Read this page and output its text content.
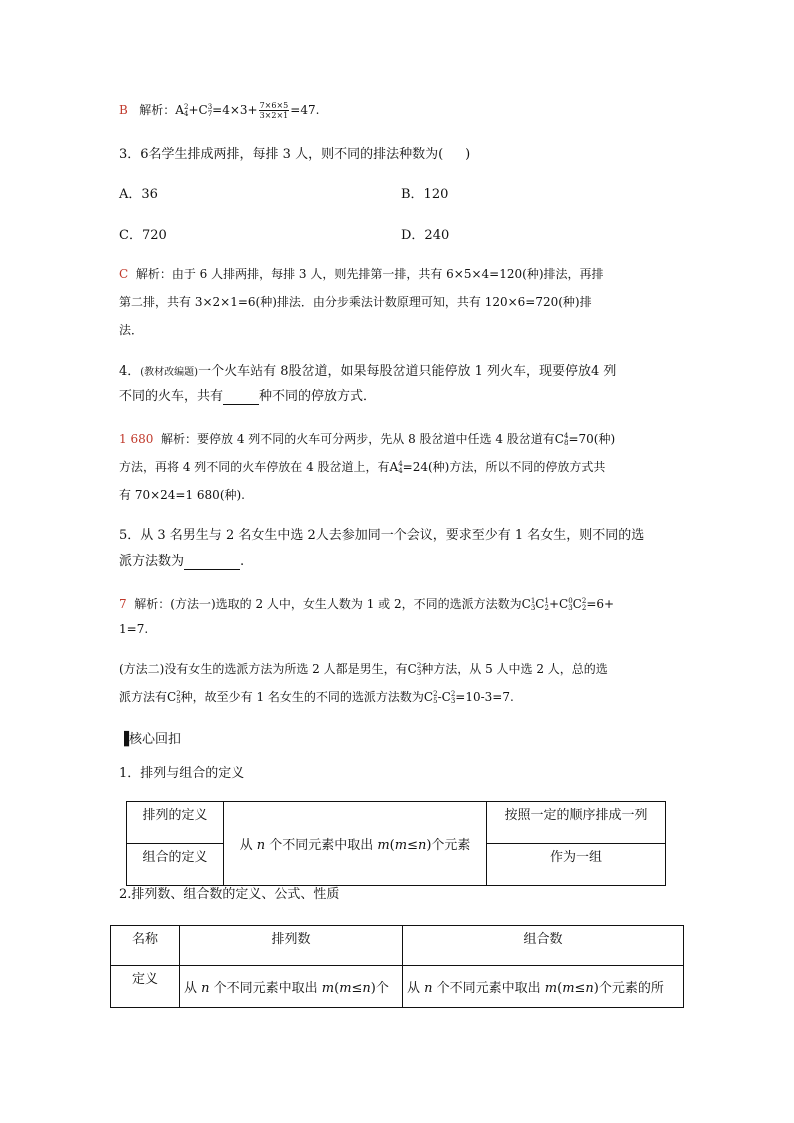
B 解析：A 2
4 +C 3
$7 =4\times 3+ \frac{7\times 6\times 5}{3\times 2\times 1} =47$.
3．6名学生排成两排，每排 3 人，则不同的排法种数为( )
A．36	B．120
C．720	D．240
C 解析：由于 6 人排两排，每排 3 人，则先排第一排，共有 6×5×4=120(种)排法，再排
第二排，共有 3×2×1=6(种)排法．由分步乘法计数原理可知，共有 120×6=720(种)排
法．
4．(教材改编题)一个火车站有 8股岔道，如果每股岔道只能停放 1 列火车，现要停放4 列
不同的火车，共有	种不同的停放方式．
1 680 解析：要停放 4 列不同的火车可分两步，先从 8 股岔道中任选 4 股岔道有C 4
8 =70(种)
方法，再将 4 列不同的火车停放在 4 股岔道上，有A 4
4 =24(种)方法，所以不同的停放方式共
有 70×24=1 680(种).
5．从 3 名男生与 2 名女生中选 2人去参加同一个会议，要求至少有 1 名女生，则不同的选
派方法数为	.
7 解析：(方法一)选取的 2 人中，女生人数为 1 或 2，不同的选派方法数为C 1
3 C 1
2 +C 0
3 C 2
2 =6+
1=7.
(方法二)没有女生的选派方法为所选 2 人都是男生，有C 2
3 种方法，从 5 人中选 2 人，总的选
派方法有C 2
5 种，故至少有 1 名女生的不同的选派方法数为C 2
5 -C 2
3 =10-3=7.
▐核心回扣
1．排列与组合的定义
排列的定义	从 n 个不同元素中取出 m(m≤n)个元素	按照一定的顺序排成一列

组合的定义		作为一组
2.排列数、组合数的定义、公式、性质
名称	排列数	组合数

定义	从 n 个不同元素中取出 m(m≤n)个	从 n 个不同元素中取出 m(m≤n)个元素的所
